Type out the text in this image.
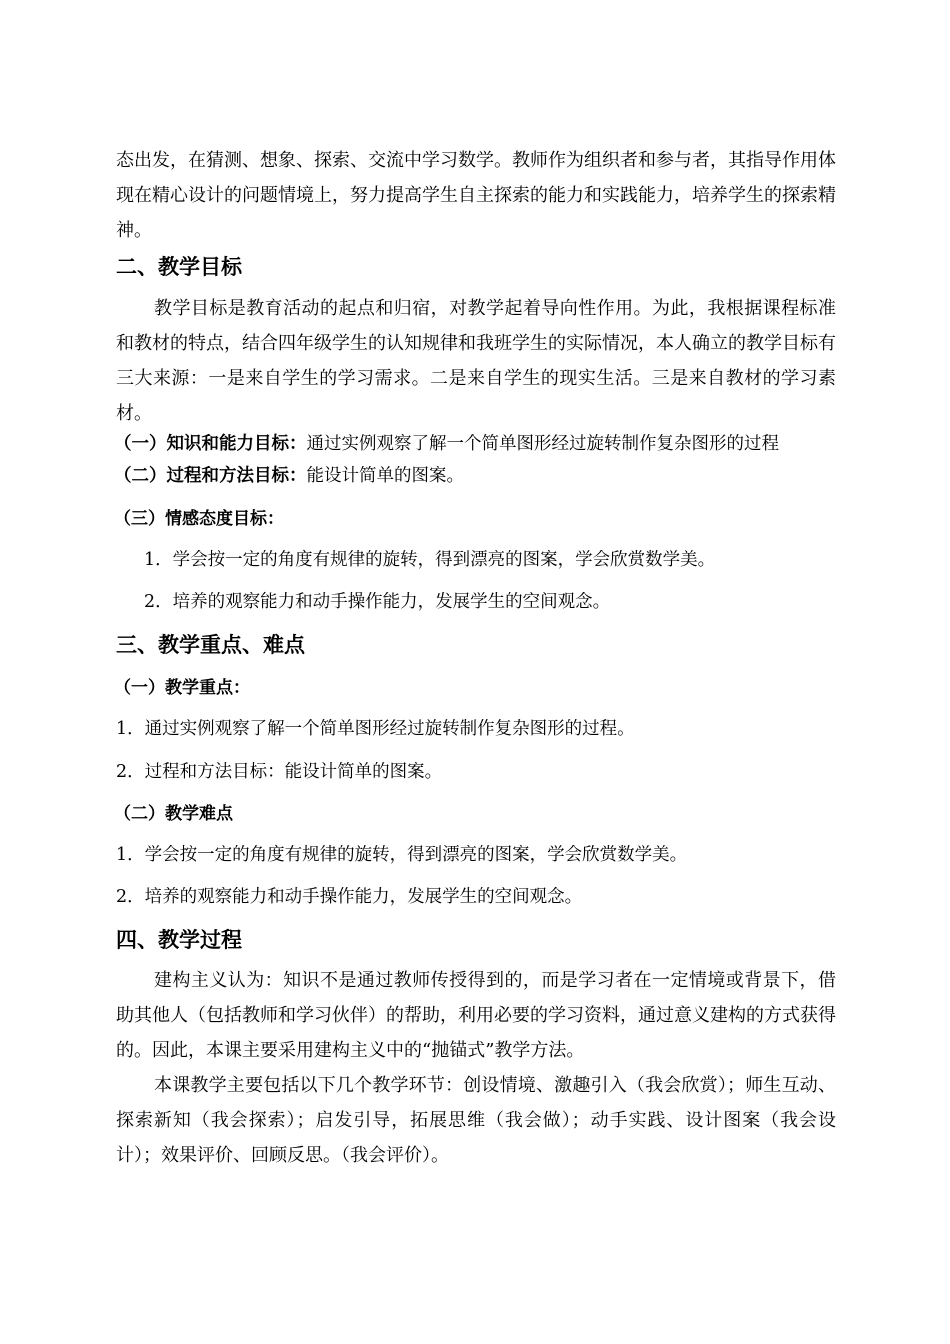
态出发，在猜测、想象、探索、交流中学习数学。教师作为组织者和参与者，其指导作用体现在精心设计的问题情境上，努力提高学生自主探索的能力和实践能力，培养学生的探索精神。

二、教学目标

教学目标是教育活动的起点和归宿，对教学起着导向性作用。为此，我根据课程标准和教材的特点，结合四年级学生的认知规律和我班学生的实际情况，本人确立的教学目标有三大来源：一是来自学生的学习需求。二是来自学生的现实生活。三是来自教材的学习素材。

（一）知识和能力目标：通过实例观察了解一个简单图形经过旋转制作复杂图形的过程
（二）过程和方法目标：能设计简单的图案。
（三）情感态度目标：
1．学会按一定的角度有规律的旋转，得到漂亮的图案，学会欣赏数学美。
2．培养的观察能力和动手操作能力，发展学生的空间观念。
三、教学重点、难点
（一）教学重点：
1．通过实例观察了解一个简单图形经过旋转制作复杂图形的过程。
2．过程和方法目标：能设计简单的图案。
（二）教学难点
1．学会按一定的角度有规律的旋转，得到漂亮的图案，学会欣赏数学美。
2．培养的观察能力和动手操作能力，发展学生的空间观念。
四、教学过程

建构主义认为：知识不是通过教师传授得到的，而是学习者在一定情境或背景下，借助其他人（包括教师和学习伙伴）的帮助，利用必要的学习资料，通过意义建构的方式获得的。因此，本课主要采用建构主义中的“抛锚式”教学方法。

本课教学主要包括以下几个教学环节：创设情境、激趣引入（我会欣赏）；师生互动、探索新知（我会探索）；启发引导，拓展思维（我会做）；动手实践、设计图案（我会设计）；效果评价、回顾反思。（我会评价）。
